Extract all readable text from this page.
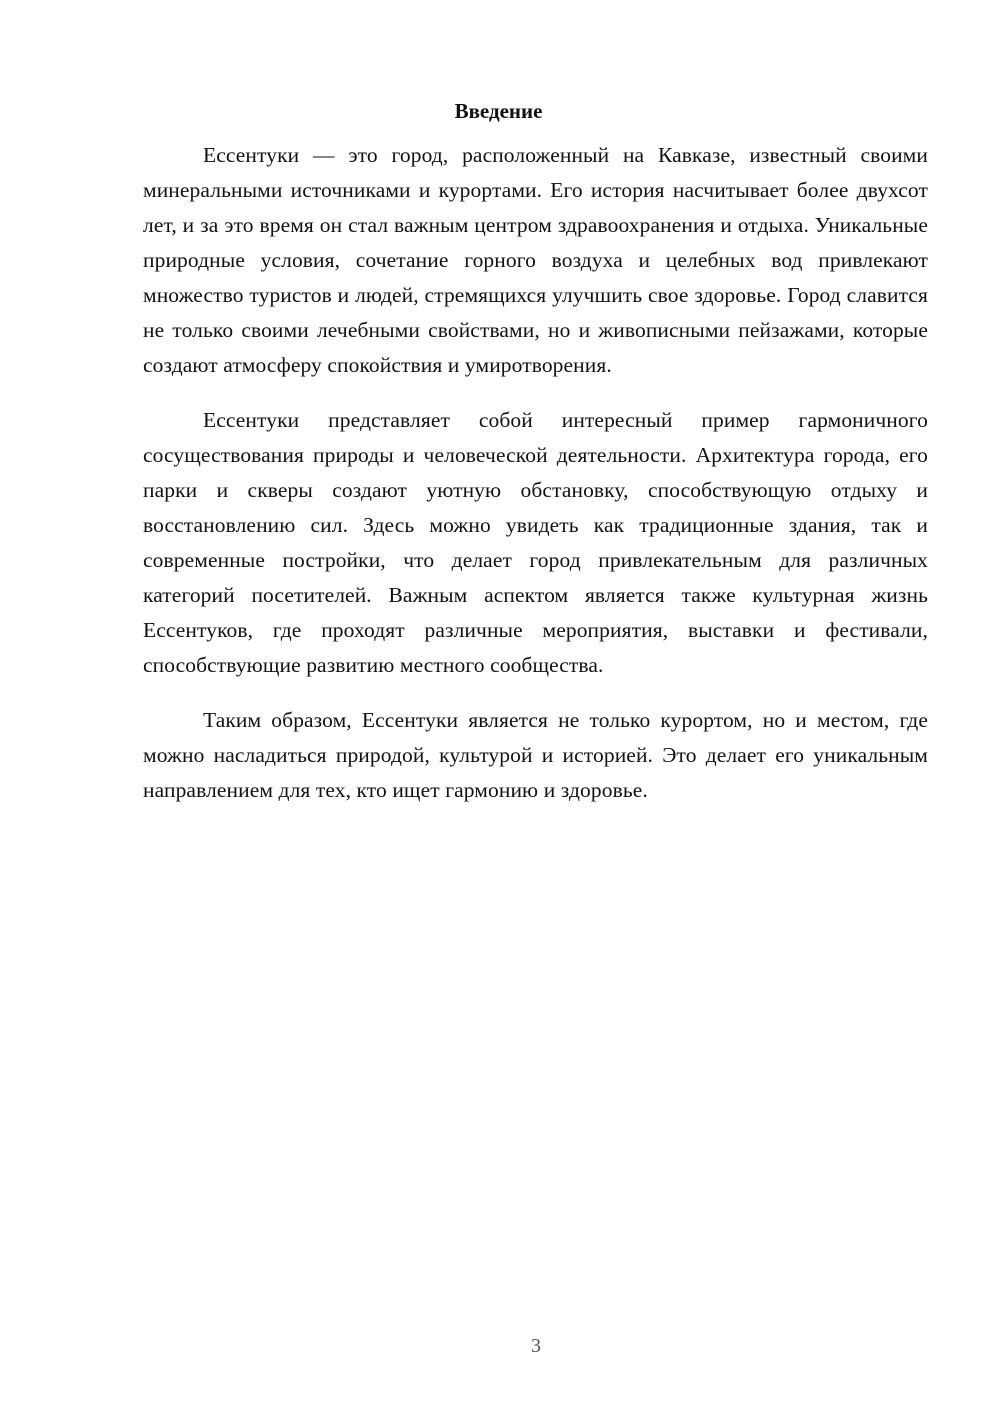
Введение

Ессентуки — это город, расположенный на Кавказе, известный своими минеральными источниками и курортами. Его история насчитывает более двухсот лет, и за это время он стал важным центром здравоохранения и отдыха. Уникальные природные условия, сочетание горного воздуха и целебных вод привлекают множество туристов и людей, стремящихся улучшить свое здоровье. Город славится не только своими лечебными свойствами, но и живописными пейзажами, которые создают атмосферу спокойствия и умиротворения.

Ессентуки представляет собой интересный пример гармоничного сосуществования природы и человеческой деятельности. Архитектура города, его парки и скверы создают уютную обстановку, способствующую отдыху и восстановлению сил. Здесь можно увидеть как традиционные здания, так и современные постройки, что делает город привлекательным для различных категорий посетителей. Важным аспектом является также культурная жизнь Ессентуков, где проходят различные мероприятия, выставки и фестивали, способствующие развитию местного сообщества.

Таким образом, Ессентуки является не только курортом, но и местом, где можно насладиться природой, культурой и историей. Это делает его уникальным направлением для тех, кто ищет гармонию и здоровье.

3
